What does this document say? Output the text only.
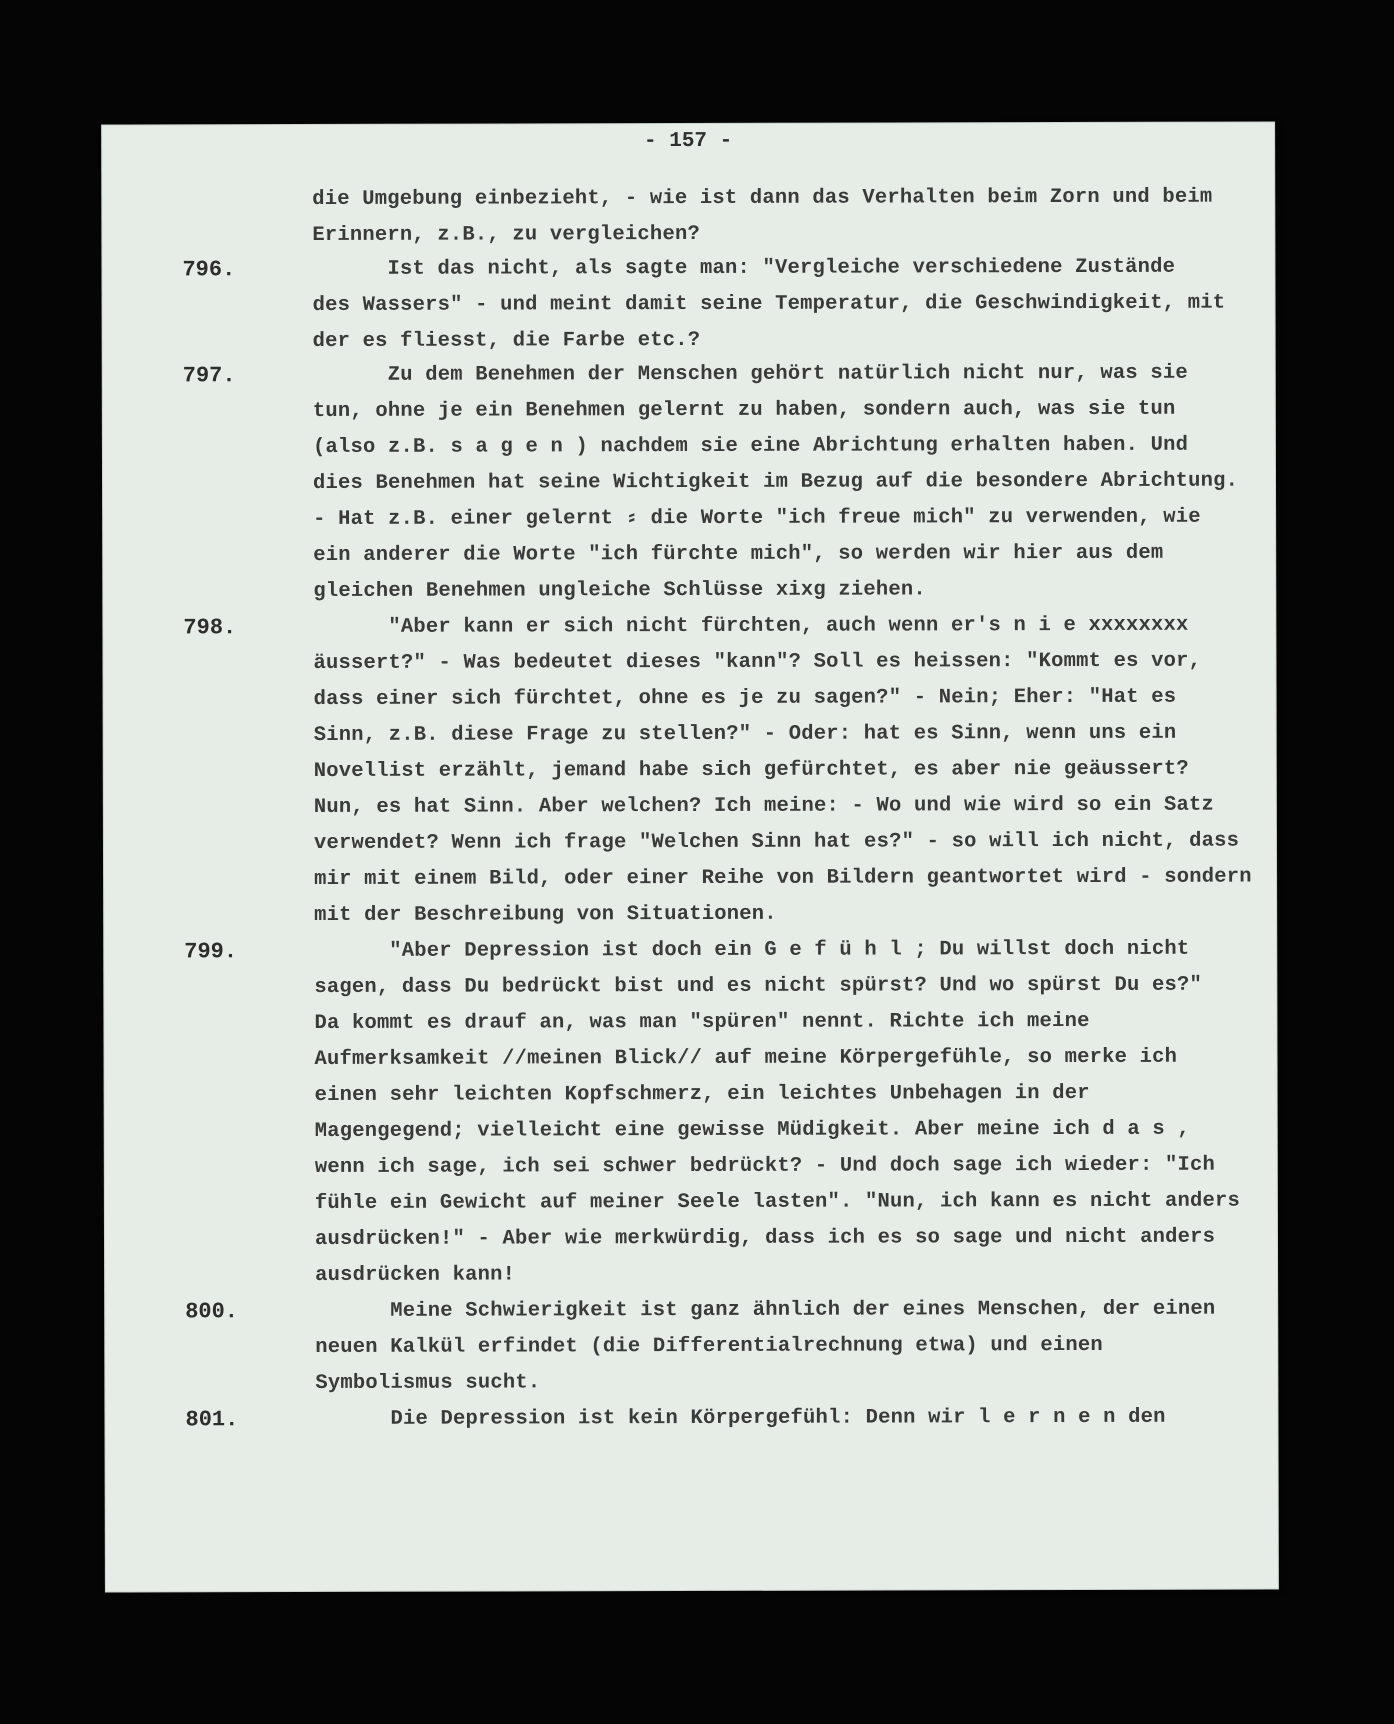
- 157 -
die Umgebung einbezieht, - wie ist dann das Verhalten beim Zorn und beim
Erinnern, z.B., zu vergleichen?
796.	Ist das nicht, als sagte man: "Vergleiche verschiedene Zustände
des Wassers" - und meint damit seine Temperatur, die Geschwindigkeit, mit
der es fliesst, die Farbe etc.?
797.	Zu dem Benehmen der Menschen gehört natürlich nicht nur, was sie
tun, ohne je ein Benehmen gelernt zu haben, sondern auch, was sie tun
(also z.B. s a g e n ) nachdem sie eine Abrichtung erhalten haben. Und
dies Benehmen hat seine Wichtigkeit im Bezug auf die besondere Abrichtung.
- Hat z.B. einer gelernt ⸗ die Worte "ich freue mich" zu verwenden, wie
ein anderer die Worte "ich fürchte mich", so werden wir hier aus dem
gleichen Benehmen ungleiche Schlüsse xixg ziehen.
798.	"Aber kann er sich nicht fürchten, auch wenn er's n i e xxxxxxxx
äussert?" - Was bedeutet dieses "kann"? Soll es heissen: "Kommt es vor,
dass einer sich fürchtet, ohne es je zu sagen?" - Nein; Eher: "Hat es
Sinn, z.B. diese Frage zu stellen?" - Oder: hat es Sinn, wenn uns ein
Novellist erzählt, jemand habe sich gefürchtet, es aber nie geäussert?
Nun, es hat Sinn. Aber welchen? Ich meine: - Wo und wie wird so ein Satz
verwendet? Wenn ich frage "Welchen Sinn hat es?" - so will ich nicht, dass
mir mit einem Bild, oder einer Reihe von Bildern geantwortet wird - sondern
mit der Beschreibung von Situationen.
799.	"Aber Depression ist doch ein G e f ü h l ; Du willst doch nicht
sagen, dass Du bedrückt bist und es nicht spürst? Und wo spürst Du es?"
Da kommt es drauf an, was man "spüren" nennt. Richte ich meine
Aufmerksamkeit //meinen Blick// auf meine Körpergefühle, so merke ich
einen sehr leichten Kopfschmerz, ein leichtes Unbehagen in der
Magengegend; vielleicht eine gewisse Müdigkeit. Aber meine ich d a s ,
wenn ich sage, ich sei schwer bedrückt? - Und doch sage ich wieder: "Ich
fühle ein Gewicht auf meiner Seele lasten". "Nun, ich kann es nicht anders
ausdrücken!" - Aber wie merkwürdig, dass ich es so sage und nicht anders
ausdrücken kann!
800.	Meine Schwierigkeit ist ganz ähnlich der eines Menschen, der einen
neuen Kalkül erfindet (die Differentialrechnung etwa) und einen
Symbolismus sucht.
801.	Die Depression ist kein Körpergefühl: Denn wir l e r n e n den
